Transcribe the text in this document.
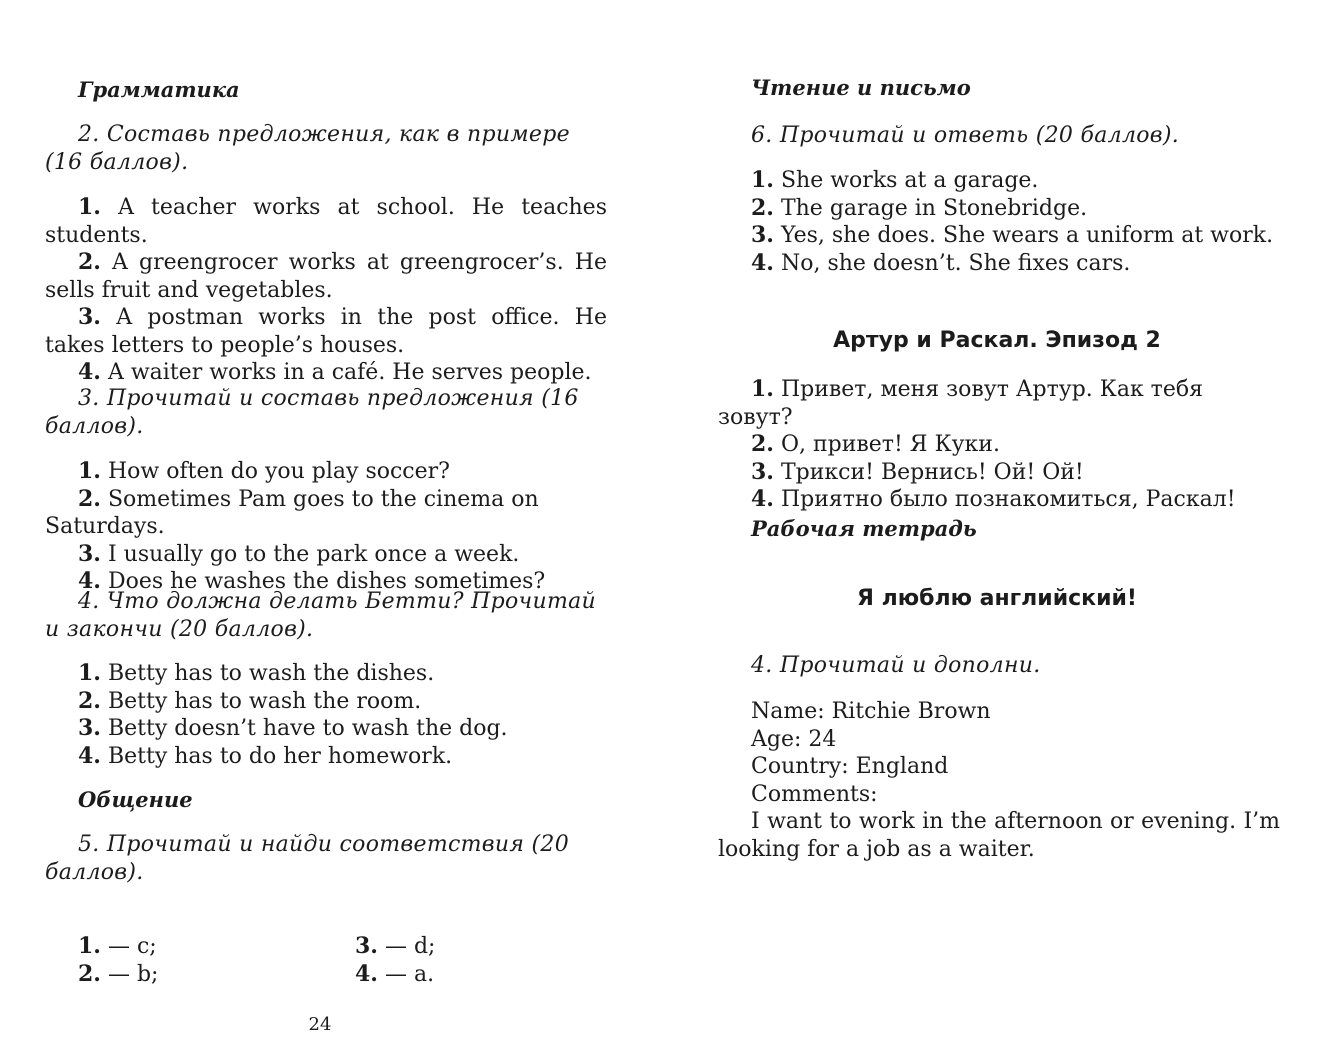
Грамматика
2. Составь предложения, как в примере (16 баллов).

1. A teacher works at school. He teaches students.

2. A greengrocer works at greengrocer’s. He sells fruit and vegetables.

3. A postman works in the post office. He takes letters to people’s houses.

4. A waiter works in a café. He serves people.

3. Прочитай и составь предложения (16 баллов).

1. How often do you play soccer?

2. Sometimes Pam goes to the cinema on Saturdays.

3. I usually go to the park once a week.

4. Does he washes the dishes sometimes?

4. Что должна делать Бетти? Прочитай и закончи (20 баллов).

1. Betty has to wash the dishes.

2. Betty has to wash the room.

3. Betty doesn’t have to wash the dog.

4. Betty has to do her homework.

Общение
5. Прочитай и найди соответствия (20 баллов).

1. — c;

2. — b;

3. — d;

4. — a.

24
Чтение и письмо
6. Прочитай и ответь (20 баллов).

1. She works at a garage.

2. The garage in Stonebridge.

3. Yes, she does. She wears a uniform at work.

4. No, she doesn’t. She fixes cars.

Артур и Раскал. Эпизод 2

1. Привет, меня зовут Артур. Как тебя зовут?

2. О, привет! Я Куки.

3. Трикси! Вернись! Ой! Ой!

4. Приятно было познакомиться, Раскал!

Рабочая тетрадь
Я люблю английский!
4. Прочитай и дополни.

Name: Ritchie Brown

Age: 24

Country: England

Comments:

I want to work in the afternoon or evening. I’m looking for a job as a waiter.
